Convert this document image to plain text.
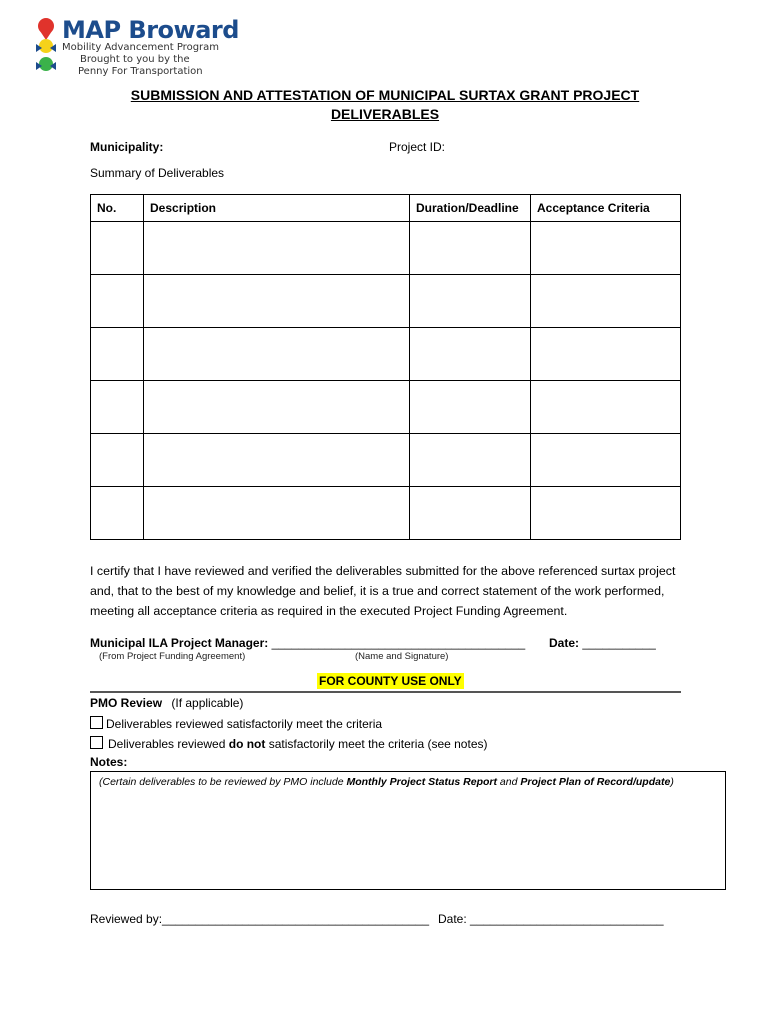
MAP Broward
Mobility Advancement Program
Brought to you by the
Penny For Transportation
SUBMISSION AND ATTESTATION OF MUNICIPAL SURTAX GRANT PROJECT
DELIVERABLES
Municipality:	Project ID:
Summary of Deliverables
No.	Description	Duration/Deadline	Acceptance Criteria

I certify that I have reviewed and verified the deliverables submitted for the above referenced surtax project and, that to the best of my knowledge and belief, it is a true and correct statement of the work performed, meeting all acceptance criteria as required in the executed Project Funding Agreement.
Municipal ILA Project Manager: ______________________________________ Date: ___________
(From Project Funding Agreement)	(Name and Signature)
FOR COUNTY USE ONLY
PMO Review (If applicable)
Deliverables reviewed satisfactorily meet the criteria
Deliverables reviewed do not satisfactorily meet the criteria (see notes)
Notes:
(Certain deliverables to be reviewed by PMO include Monthly Project Status Report and Project Plan of Record/update)
Reviewed by:________________________________________ Date: _____________________________
